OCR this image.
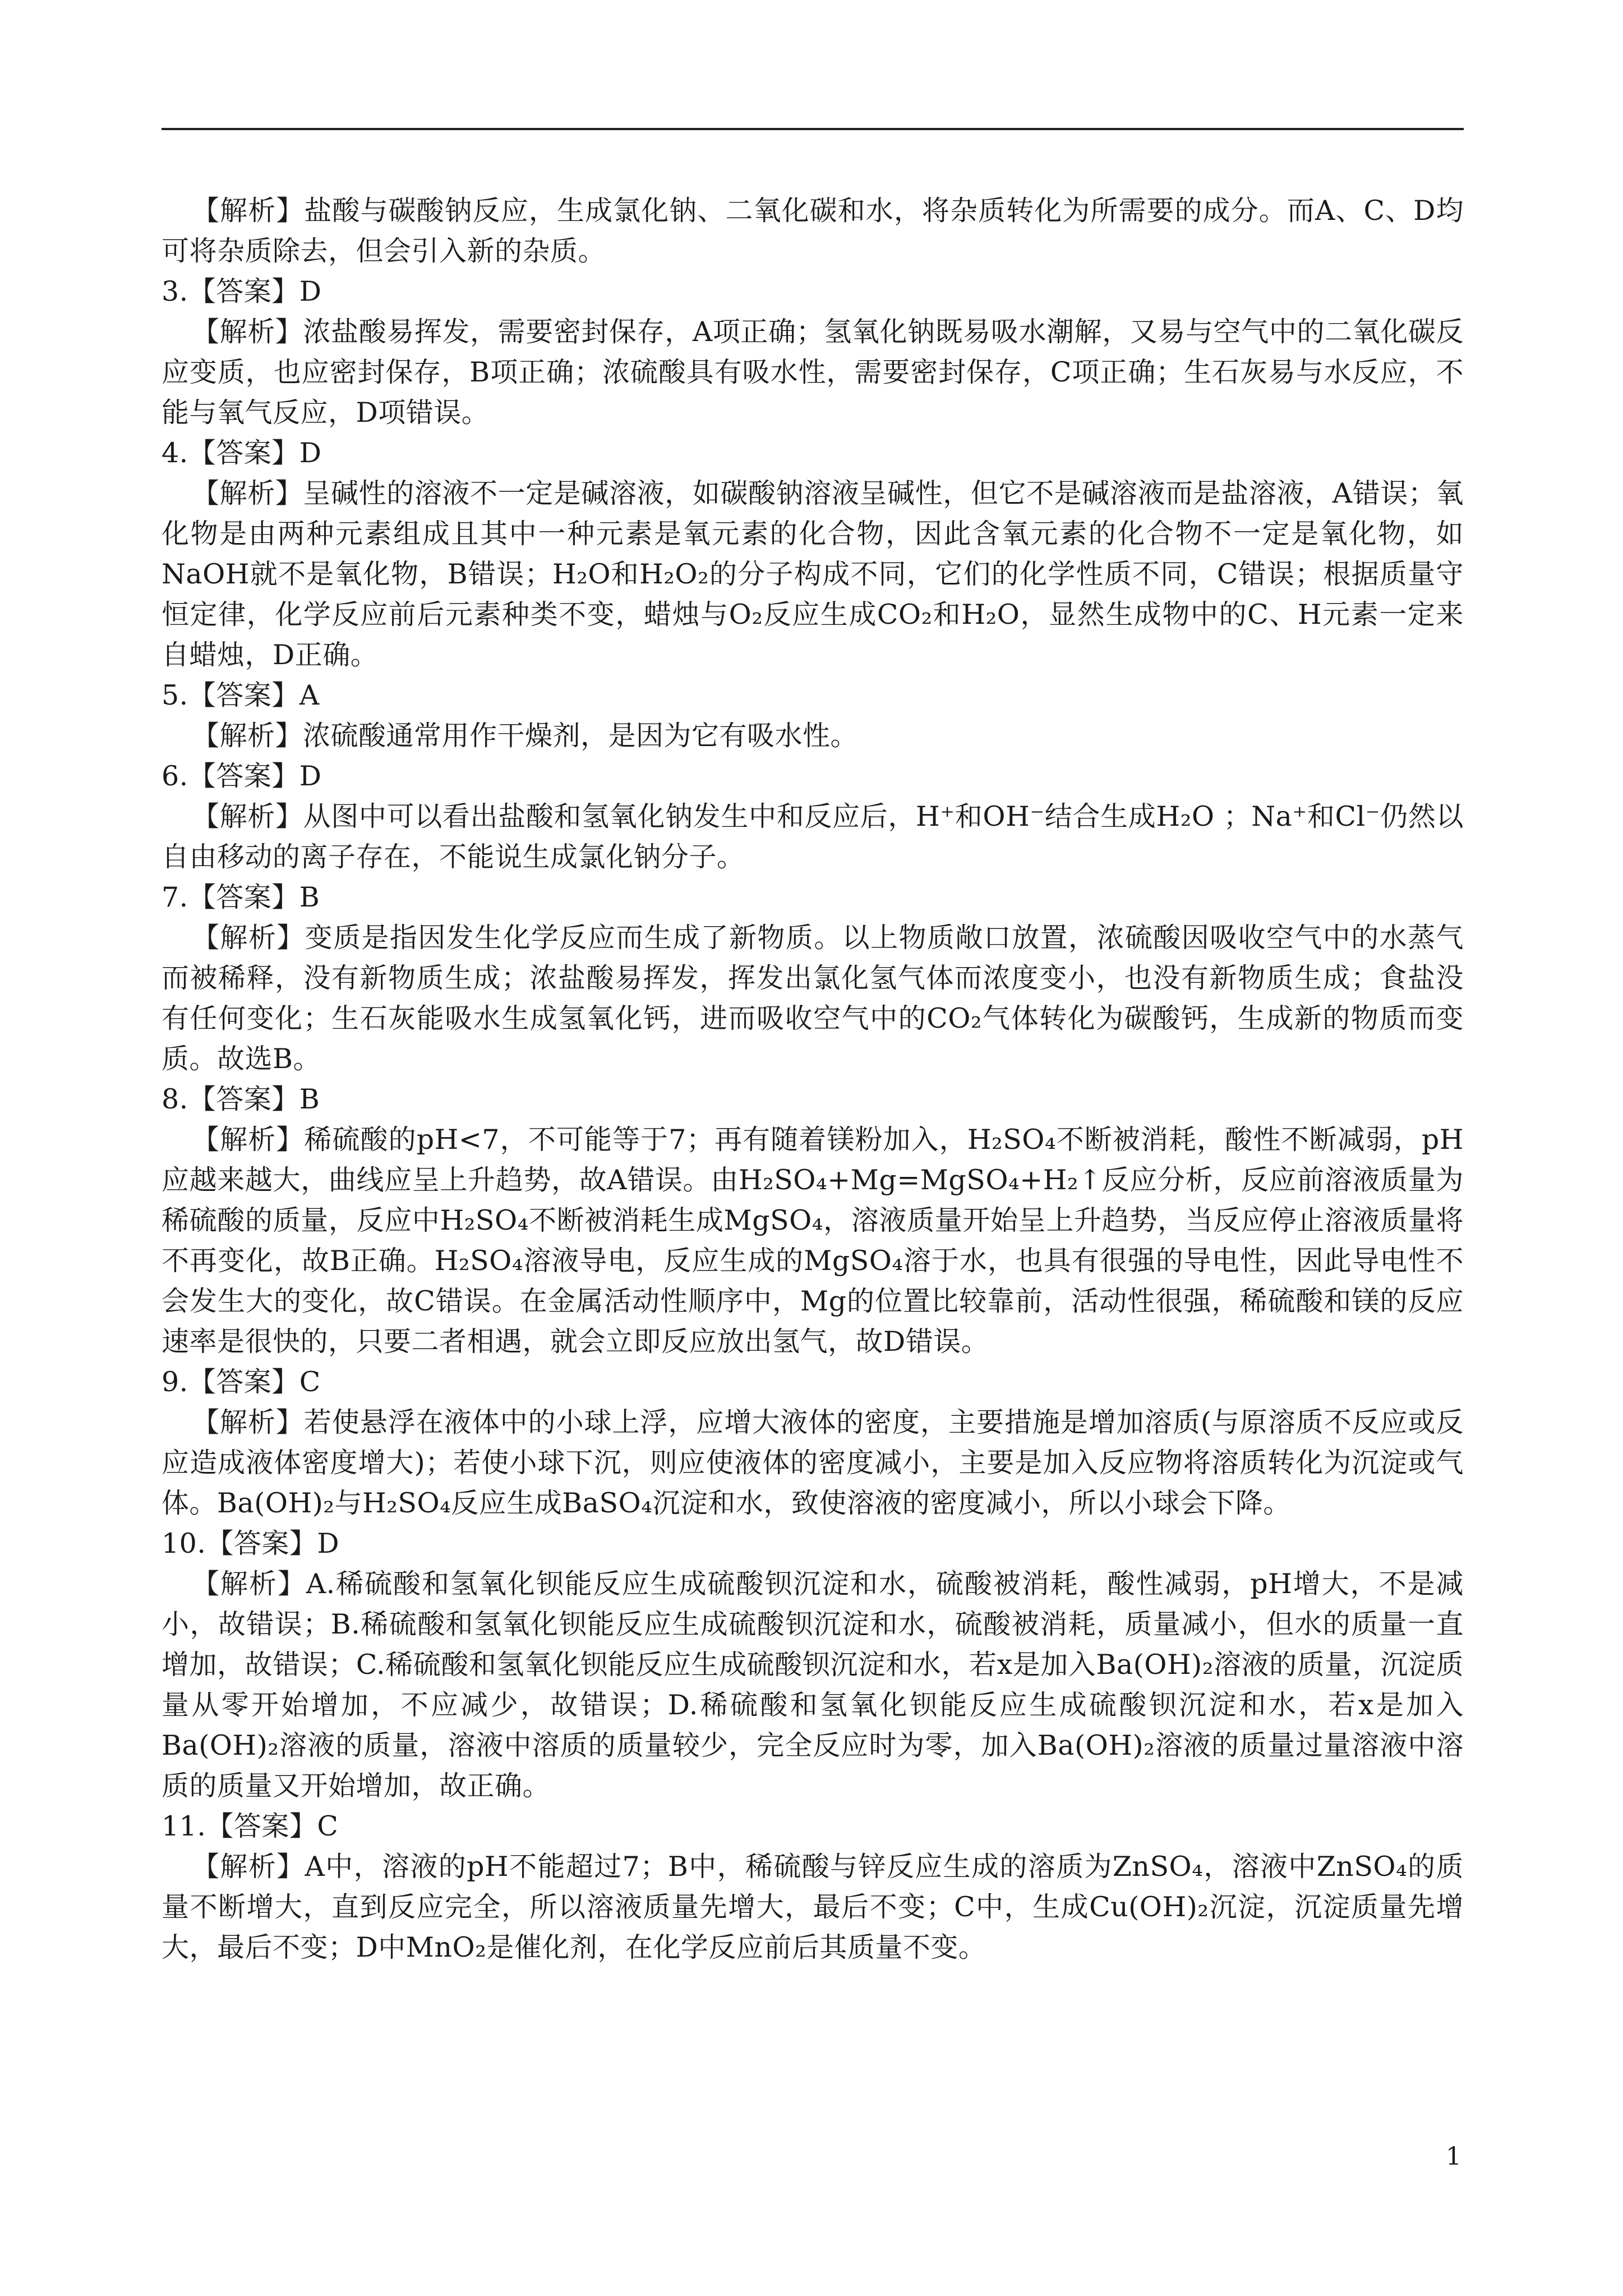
【解析】盐酸与碳酸钠反应，生成氯化钠、二氧化碳和水，将杂质转化为所需要的成分。而A、C、D均可将杂质除去，但会引入新的杂质。

3.【答案】D

【解析】浓盐酸易挥发，需要密封保存，A项正确；氢氧化钠既易吸水潮解，又易与空气中的二氧化碳反应变质，也应密封保存，B项正确；浓硫酸具有吸水性，需要密封保存，C项正确；生石灰易与水反应，不能与氧气反应，D项错误。

4.【答案】D

【解析】呈碱性的溶液不一定是碱溶液，如碳酸钠溶液呈碱性，但它不是碱溶液而是盐溶液，A错误；氧化物是由两种元素组成且其中一种元素是氧元素的化合物，因此含氧元素的化合物不一定是氧化物，如NaOH就不是氧化物，B错误；H₂O和H₂O₂的分子构成不同，它们的化学性质不同，C错误；根据质量守恒定律，化学反应前后元素种类不变，蜡烛与O₂反应生成CO₂和H₂O，显然生成物中的C、H元素一定来自蜡烛，D正确。

5.【答案】A

【解析】浓硫酸通常用作干燥剂，是因为它有吸水性。

6.【答案】D

【解析】从图中可以看出盐酸和氢氧化钠发生中和反应后，H⁺和OH⁻结合生成H₂O ；Na⁺和Cl⁻仍然以自由移动的离子存在，不能说生成氯化钠分子。

7.【答案】B

【解析】变质是指因发生化学反应而生成了新物质。以上物质敞口放置，浓硫酸因吸收空气中的水蒸气而被稀释，没有新物质生成；浓盐酸易挥发，挥发出氯化氢气体而浓度变小，也没有新物质生成；食盐没有任何变化；生石灰能吸水生成氢氧化钙，进而吸收空气中的CO₂气体转化为碳酸钙，生成新的物质而变质。故选B。

8.【答案】B

【解析】稀硫酸的pH<7，不可能等于7；再有随着镁粉加入，H₂SO₄不断被消耗，酸性不断减弱，pH应越来越大，曲线应呈上升趋势，故A错误。由H₂SO₄+Mg=MgSO₄+H₂↑反应分析，反应前溶液质量为稀硫酸的质量，反应中H₂SO₄不断被消耗生成MgSO₄，溶液质量开始呈上升趋势，当反应停止溶液质量将不再变化，故B正确。H₂SO₄溶液导电，反应生成的MgSO₄溶于水，也具有很强的导电性，因此导电性不会发生大的变化，故C错误。在金属活动性顺序中，Mg的位置比较靠前，活动性很强，稀硫酸和镁的反应速率是很快的，只要二者相遇，就会立即反应放出氢气，故D错误。

9.【答案】C

【解析】若使悬浮在液体中的小球上浮，应增大液体的密度，主要措施是增加溶质(与原溶质不反应或反应造成液体密度增大)；若使小球下沉，则应使液体的密度减小，主要是加入反应物将溶质转化为沉淀或气体。Ba(OH)₂与H₂SO₄反应生成BaSO₄沉淀和水，致使溶液的密度减小，所以小球会下降。

10.【答案】D

【解析】A.稀硫酸和氢氧化钡能反应生成硫酸钡沉淀和水，硫酸被消耗，酸性减弱，pH增大，不是减小，故错误；B.稀硫酸和氢氧化钡能反应生成硫酸钡沉淀和水，硫酸被消耗，质量减小，但水的质量一直增加，故错误；C.稀硫酸和氢氧化钡能反应生成硫酸钡沉淀和水，若x是加入Ba(OH)₂溶液的质量，沉淀质量从零开始增加，不应减少，故错误；D.稀硫酸和氢氧化钡能反应生成硫酸钡沉淀和水，若x是加入Ba(OH)₂溶液的质量，溶液中溶质的质量较少，完全反应时为零，加入Ba(OH)₂溶液的质量过量溶液中溶质的质量又开始增加，故正确。

11.【答案】C

【解析】A中，溶液的pH不能超过7；B中，稀硫酸与锌反应生成的溶质为ZnSO₄，溶液中ZnSO₄的质量不断增大，直到反应完全，所以溶液质量先增大，最后不变；C中，生成Cu(OH)₂沉淀，沉淀质量先增大，最后不变；D中MnO₂是催化剂，在化学反应前后其质量不变。

1
